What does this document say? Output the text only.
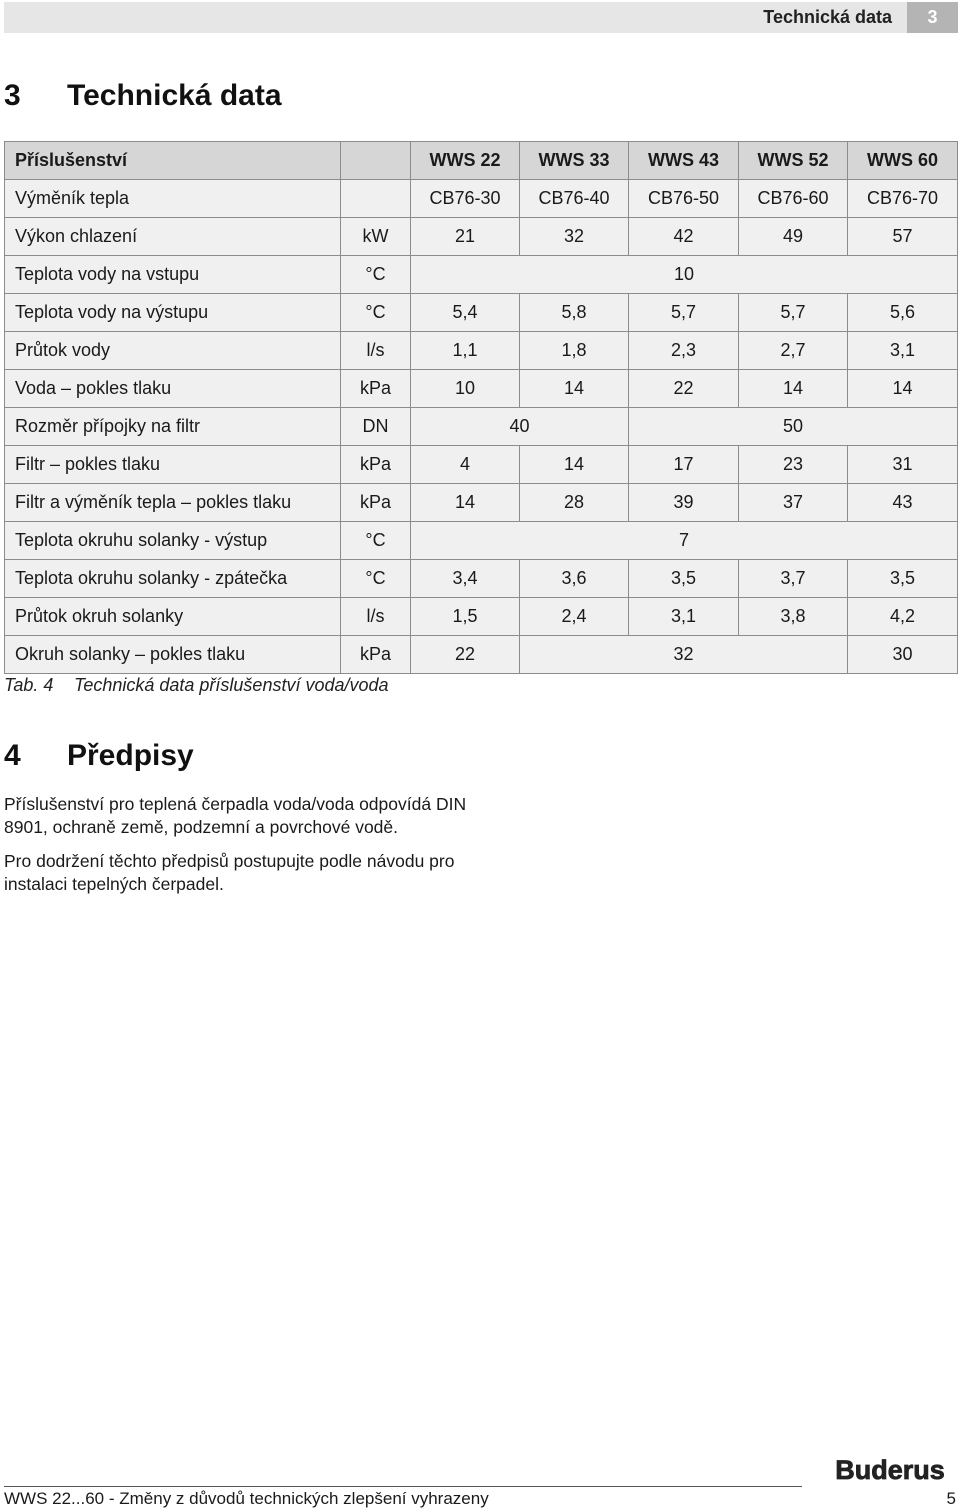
Technická data	3
3 Technická data
Příslušenství		WWS 22	WWS 33	WWS 43	WWS 52	WWS 60
Výměník tepla		CB76-30	CB76-40	CB76-50	CB76-60	CB76-70
Výkon chlazení	kW	21	32	42	49	57
Teplota vody na vstupu	°C	10				
Teplota vody na výstupu	°C	5,4	5,8	5,7	5,7	5,6
Průtok vody	l/s	1,1	1,8	2,3	2,7	3,1
Voda – pokles tlaku	kPa	10	14	22	14	14
Rozměr přípojky na filtr	DN	40		50		
Filtr – pokles tlaku	kPa	4	14	17	23	31
Filtr a výměník tepla – pokles tlaku	kPa	14	28	39	37	43
Teplota okruhu solanky - výstup	°C	7				
Teplota okruhu solanky - zpátečka	°C	3,4	3,6	3,5	3,7	3,5
Průtok okruh solanky	l/s	1,5	2,4	3,1	3,8	4,2
Okruh solanky – pokles tlaku	kPa	22	32			30
Tab. 4 Technická data příslušenství voda/voda
4 Předpisy

Příslušenství pro teplená čerpadla voda/voda odpovídá DIN 8901, ochraně země, podzemní a povrchové vodě.

Pro dodržení těchto předpisů postupujte podle návodu pro instalaci tepelných čerpadel.

Buderus
WWS 22...60 - Změny z důvodů technických zlepšení vyhrazeny	5
